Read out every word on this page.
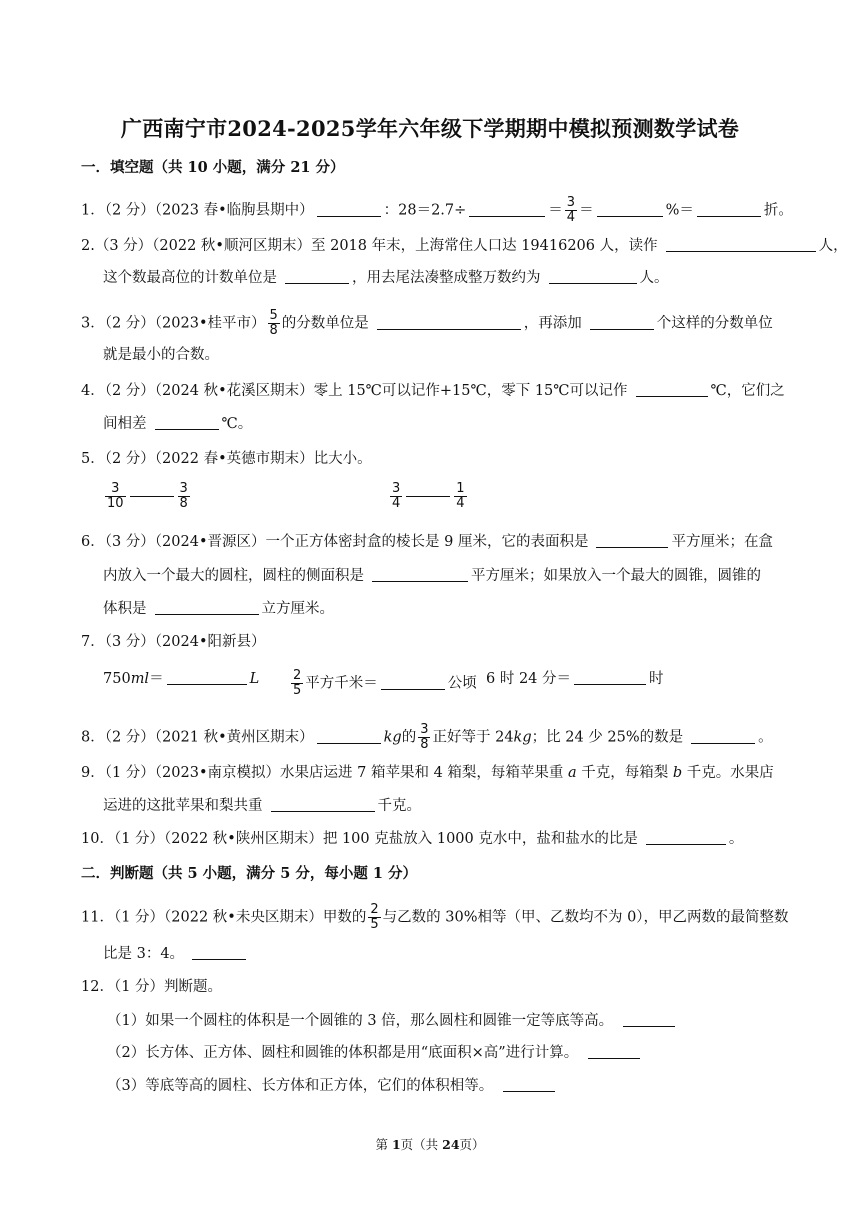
广西南宁市2024-2025学年六年级下学期期中模拟预测数学试卷
一．填空题（共 10 小题，满分 21 分）
1．（2 分）（2023 春•临朐县期中）	：28＝2.7÷	＝ $\frac{3}{4}$ ＝	%＝	折。
2.（3 分）（2022 秋•顺河区期末）至 2018 年末，上海常住人口达 19416206 人，读作	人，
这个数最高位的计数单位是	，用去尾法凑整成整万数约为	人。
3．（2 分）（2023•桂平市） $\frac{5}{8}$ 的分数单位是	，再添加	个这样的分数单位
就是最小的合数。
4．（2 分）（2024 秋•花溪区期末）零上 15℃可以记作+15℃，零下 15℃可以记作	℃，它们之
间相差	℃。
5．（2 分）（2022 春•英德市期末）比大小。
$\frac{3}{10}$	$\frac{3}{8}$	$\frac{3}{4}$	$\frac{1}{4}$
6．（3 分）（2024•晋源区）一个正方体密封盒的棱长是 9 厘米，它的表面积是	平方厘米；在盒
内放入一个最大的圆柱，圆柱的侧面积是	平方厘米；如果放入一个最大的圆锥，圆锥的
体积是	立方厘米。
7．（3 分）（2024•阳新县）
750ml＝	L $\frac{2}{5}$ 平方千米＝	公顷 6 时 24 分＝	时
8．（2 分）（2021 秋•黄州区期末）	kg的 $\frac{3}{8}$ 正好等于 24kg；比 24 少 25%的数是	。
9．（1 分）（2023•南京模拟）水果店运进 7 箱苹果和 4 箱梨，每箱苹果重 a 千克，每箱梨 b 千克。水果店
运进的这批苹果和梨共重	千克。
10．（1 分）（2022 秋•陕州区期末）把 100 克盐放入 1000 克水中，盐和盐水的比是	。
二．判断题（共 5 小题，满分 5 分，每小题 1 分）
11．（1 分）（2022 秋•未央区期末）甲数的 $\frac{2}{5}$ 与乙数的 30%相等（甲、乙数均不为 0），甲乙两数的最简整数
比是 3：4。
12．（1 分）判断题。
（1）如果一个圆柱的体积是一个圆锥的 3 倍，那么圆柱和圆锥一定等底等高。
（2）长方体、正方体、圆柱和圆锥的体积都是用“底面积×高”进行计算。
（3）等底等高的圆柱、长方体和正方体，它们的体积相等。
第 1页（共 24页）
